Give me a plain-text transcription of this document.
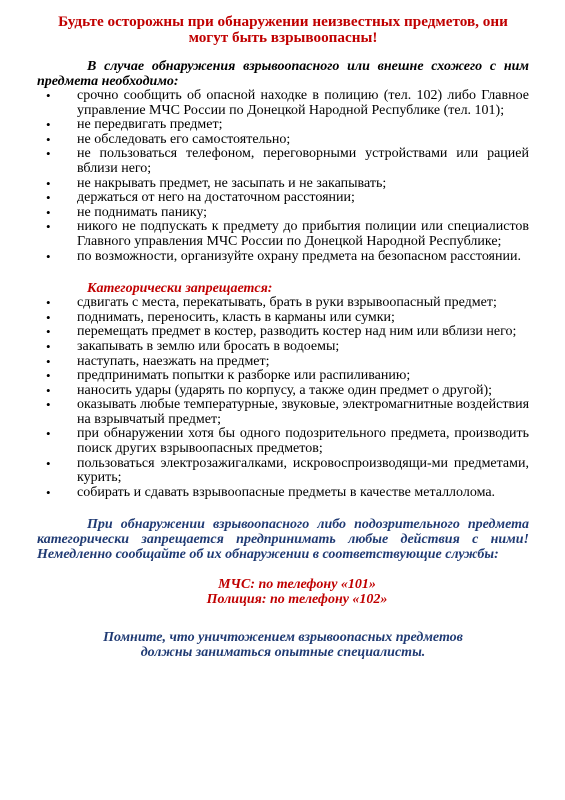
Будьте осторожны при обнаружении неизвестных предметов, они могут быть взрывоопасны!

В случае обнаружения взрывоопасного или внешне схожего с ним предмета необходимо:

• срочно сообщить об опасной находке в полицию (тел. 102) либо Главное управление МЧС России по Донецкой Народной Республике (тел. 101);
• не передвигать предмет;
• не обследовать его самостоятельно;
• не пользоваться телефоном, переговорными устройствами или рацией вблизи него;
• не накрывать предмет, не засыпать и не закапывать;
• держаться от него на достаточном расстоянии;
• не поднимать панику;
• никого не подпускать к предмету до прибытия полиции или специалистов Главного управления МЧС России по Донецкой Народной Республике;
• по возможности, организуйте охрану предмета на безопасном расстоянии.
Категорически запрещается:
• сдвигать с места, перекатывать, брать в руки взрывоопасный предмет;
• поднимать, переносить, класть в карманы или сумки;
• перемещать предмет в костер, разводить костер над ним или вблизи него;
• закапывать в землю или бросать в водоемы;
• наступать, наезжать на предмет;
• предпринимать попытки к разборке или распиливанию;
• наносить удары (ударять по корпусу, а также один предмет о другой);
• оказывать любые температурные, звуковые, электромагнитные воздействия на взрывчатый предмет;
• при обнаружении хотя бы одного подозрительного предмета, производить поиск других взрывоопасных предметов;
• пользоваться электрозажигалками, искровоспроизводящи-ми предметами, курить;
• собирать и сдавать взрывоопасные предметы в качестве металлолома.

При обнаружении взрывоопасного либо подозрительного предмета категорически запрещается предпринимать любые действия с ними! Немедленно сообщайте об их обнаружении в соответствующие службы:

МЧС: по телефону «101»
Полиция: по телефону «102»
Помните, что уничтожением взрывоопасных предметов
должны заниматься опытные специалисты.
